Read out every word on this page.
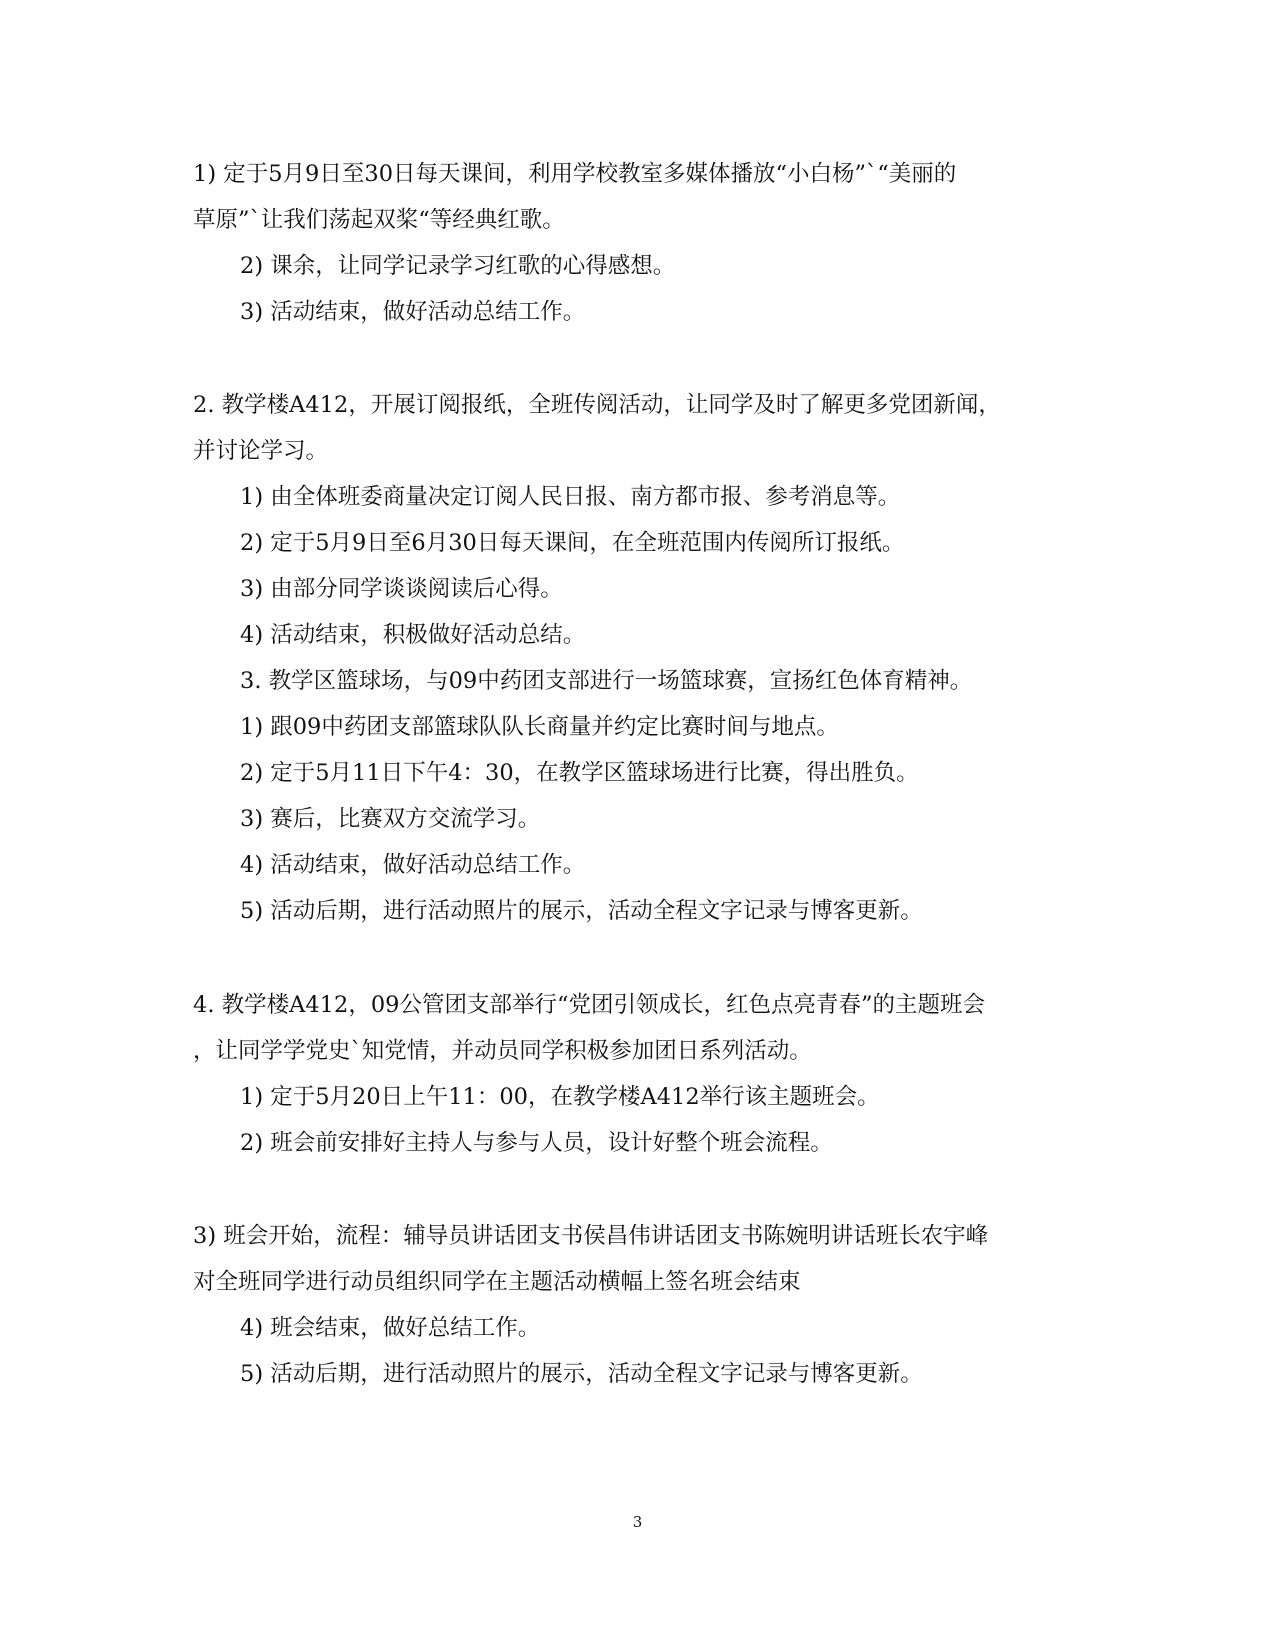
1) 定于5月9日至30日每天课间，利用学校教室多媒体播放“小白杨”`“美丽的
草原”`让我们荡起双桨“等经典红歌。
2) 课余，让同学记录学习红歌的心得感想。
3) 活动结束，做好活动总结工作。
2. 教学楼A412，开展订阅报纸，全班传阅活动，让同学及时了解更多党团新闻，
并讨论学习。
1) 由全体班委商量决定订阅人民日报、南方都市报、参考消息等。
2) 定于5月9日至6月30日每天课间，在全班范围内传阅所订报纸。
3) 由部分同学谈谈阅读后心得。
4) 活动结束，积极做好活动总结。
3. 教学区篮球场，与09中药团支部进行一场篮球赛，宣扬红色体育精神。
1) 跟09中药团支部篮球队队长商量并约定比赛时间与地点。
2) 定于5月11日下午4：30，在教学区篮球场进行比赛，得出胜负。
3) 赛后，比赛双方交流学习。
4) 活动结束，做好活动总结工作。
5) 活动后期，进行活动照片的展示，活动全程文字记录与博客更新。
4. 教学楼A412，09公管团支部举行“党团引领成长，红色点亮青春”的主题班会
，让同学学党史`知党情，并动员同学积极参加团日系列活动。
1) 定于5月20日上午11：00，在教学楼A412举行该主题班会。
2) 班会前安排好主持人与参与人员，设计好整个班会流程。
3) 班会开始，流程：辅导员讲话团支书侯昌伟讲话团支书陈婉明讲话班长农宇峰
对全班同学进行动员组织同学在主题活动横幅上签名班会结束
4) 班会结束，做好总结工作。
5) 活动后期，进行活动照片的展示，活动全程文字记录与博客更新。
3
